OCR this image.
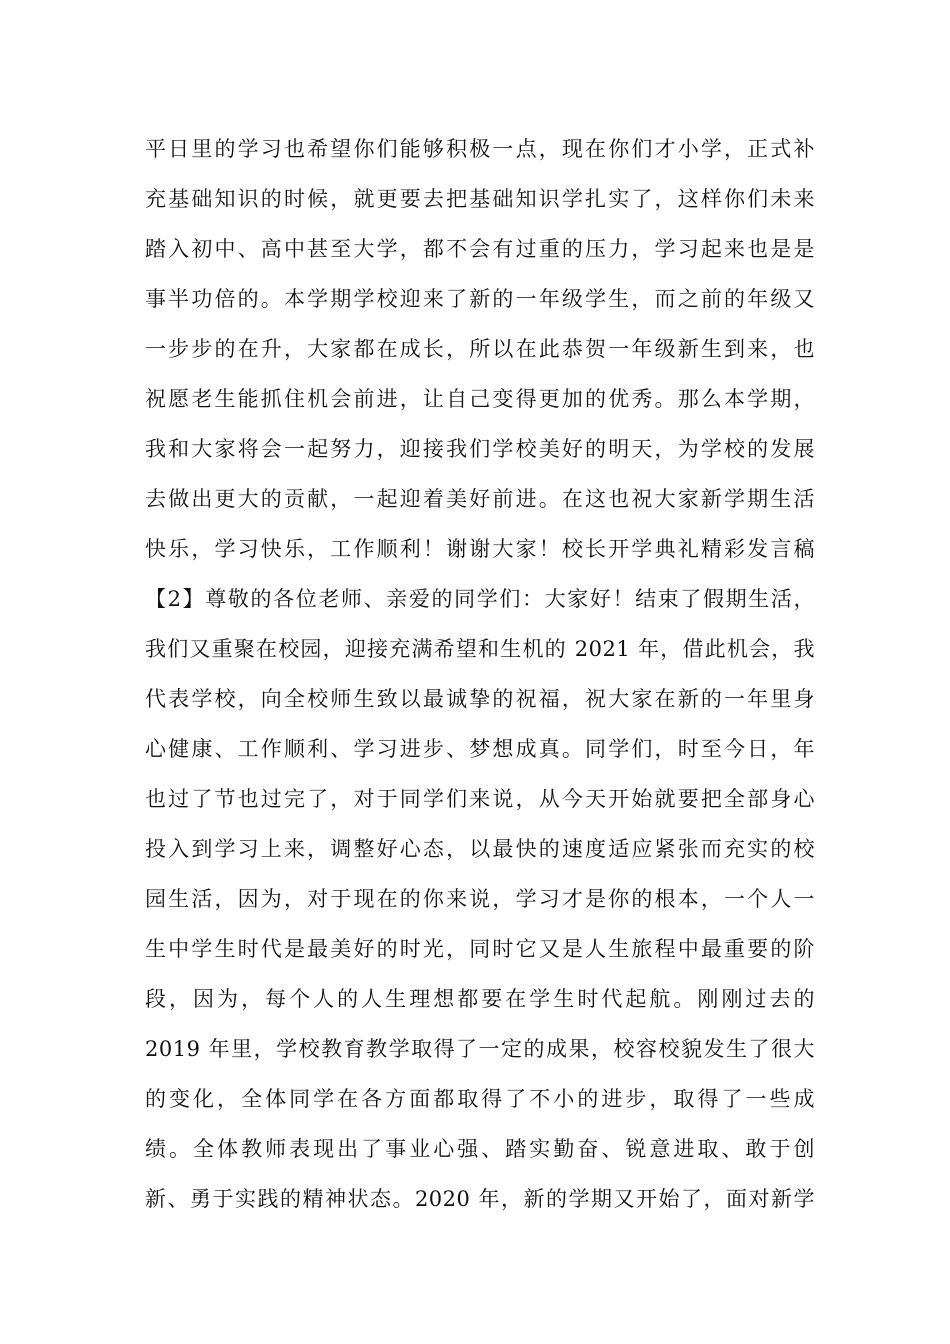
平日里的学习也希望你们能够积极一点，现在你们才小学，正式补
充基础知识的时候，就更要去把基础知识学扎实了，这样你们未来
踏入初中、高中甚至大学，都不会有过重的压力，学习起来也是是
事半功倍的。本学期学校迎来了新的一年级学生，而之前的年级又
一步步的在升，大家都在成长，所以在此恭贺一年级新生到来，也
祝愿老生能抓住机会前进，让自己变得更加的优秀。那么本学期，
我和大家将会一起努力，迎接我们学校美好的明天，为学校的发展
去做出更大的贡献，一起迎着美好前进。在这也祝大家新学期生活
快乐，学习快乐，工作顺利！谢谢大家！校长开学典礼精彩发言稿
【2】尊敬的各位老师、亲爱的同学们：大家好！结束了假期生活，
我们又重聚在校园，迎接充满希望和生机的 2021 年，借此机会，我
代表学校，向全校师生致以最诚挚的祝福，祝大家在新的一年里身
心健康、工作顺利、学习进步、梦想成真。同学们，时至今日，年
也过了节也过完了，对于同学们来说，从今天开始就要把全部身心
投入到学习上来，调整好心态，以最快的速度适应紧张而充实的校
园生活，因为，对于现在的你来说，学习才是你的根本，一个人一
生中学生时代是最美好的时光，同时它又是人生旅程中最重要的阶
段，因为，每个人的人生理想都要在学生时代起航。刚刚过去的
2019 年里，学校教育教学取得了一定的成果，校容校貌发生了很大
的变化，全体同学在各方面都取得了不小的进步，取得了一些成
绩。全体教师表现出了事业心强、踏实勤奋、锐意进取、敢于创
新、勇于实践的精神状态。2020 年，新的学期又开始了，面对新学
